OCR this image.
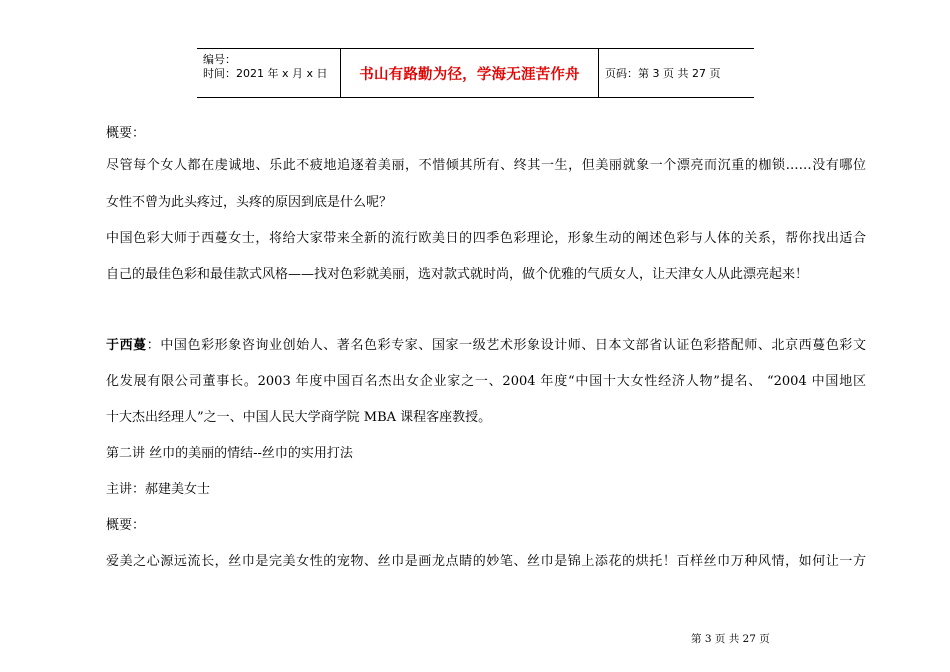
编号：
时间：2021 年 x 月 x 日	书山有路勤为径，学海无涯苦作舟	页码：第 3 页 共 27 页
概要：
尽管每个女人都在虔诚地、乐此不疲地追逐着美丽，不惜倾其所有、终其一生，但美丽就象一个漂亮而沉重的枷锁……没有哪位
女性不曾为此头疼过，头疼的原因到底是什么呢？
中国色彩大师于西蔓女士，将给大家带来全新的流行欧美日的四季色彩理论，形象生动的阐述色彩与人体的关系，帮你找出适合
自己的最佳色彩和最佳款式风格——找对色彩就美丽，选对款式就时尚，做个优雅的气质女人，让天津女人从此漂亮起来！
于西蔓：中国色彩形象咨询业创始人、著名色彩专家、国家一级艺术形象设计师、日本文部省认证色彩搭配师、北京西蔓色彩文
化发展有限公司董事长。2003 年度中国百名杰出女企业家之一、2004 年度“中国十大女性经济人物”提名、 “2004 中国地区
十大杰出经理人”之一、中国人民大学商学院 MBA 课程客座教授。
第二讲 丝巾的美丽的情结--丝巾的实用打法
主讲：郝建美女士
概要：
爱美之心源远流长，丝巾是完美女性的宠物、丝巾是画龙点睛的妙笔、丝巾是锦上添花的烘托！百样丝巾万种风情，如何让一方
第 3 页 共 27 页
